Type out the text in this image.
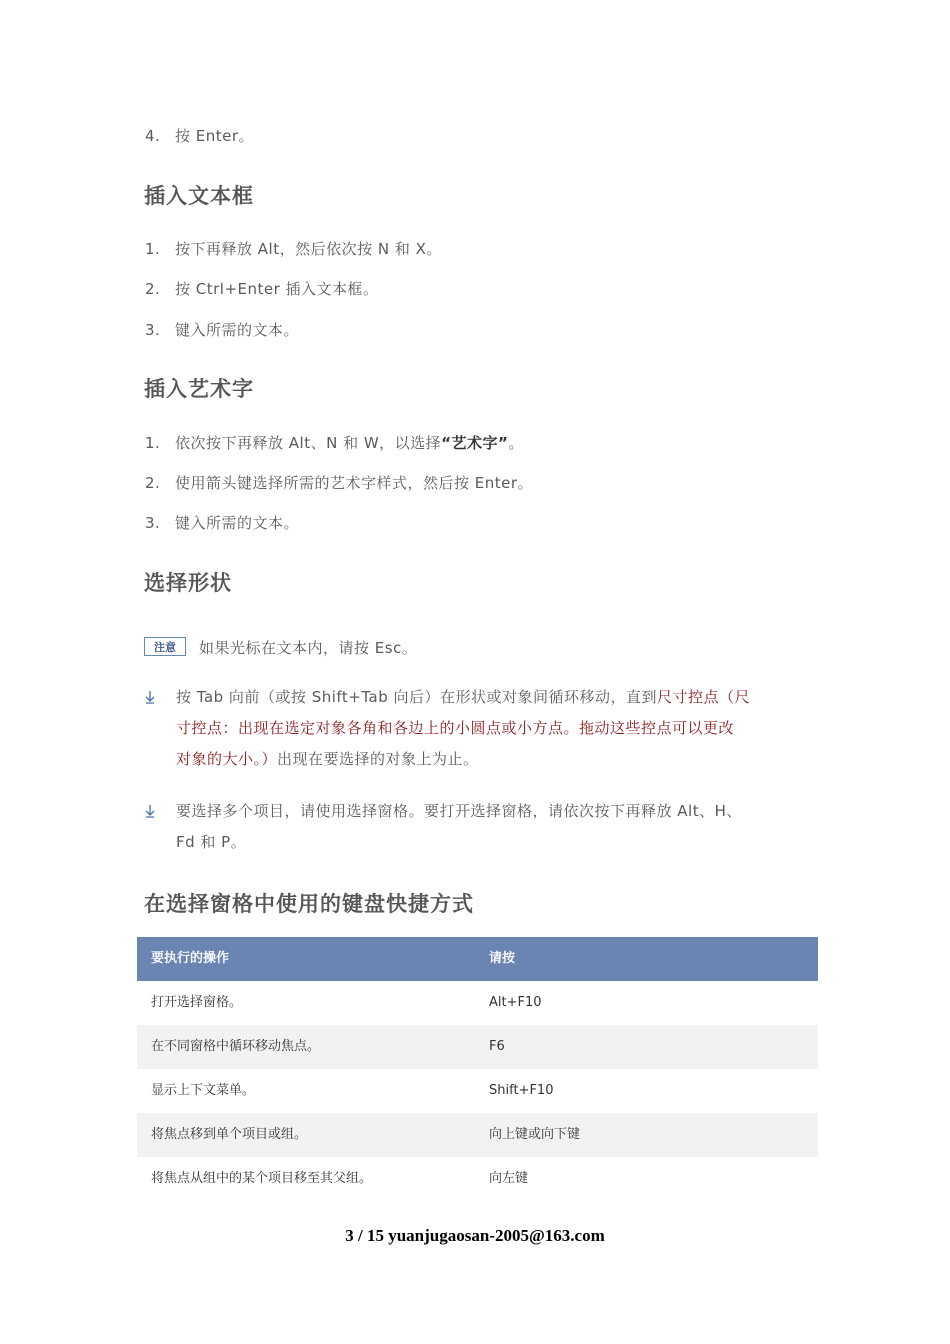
4. 按 Enter。
插入文本框
1. 按下再释放 Alt，然后依次按 N 和 X。
2. 按 Ctrl+Enter 插入文本框。
3. 键入所需的文本。
插入艺术字
1. 依次按下再释放 Alt、N 和 W，以选择“艺术字”。
2. 使用箭头键选择所需的艺术字样式，然后按 Enter。
3. 键入所需的文本。
选择形状
注意	如果光标在文本内，请按 Esc。
按 Tab 向前（或按 Shift+Tab 向后）在形状或对象间循环移动，直到尺寸控点（尺
寸控点：出现在选定对象各角和各边上的小圆点或小方点。拖动这些控点可以更改
对象的大小。）出现在要选择的对象上为止。
要选择多个项目，请使用选择窗格。要打开选择窗格，请依次按下再释放 Alt、H、
Fd 和 P。
在选择窗格中使用的键盘快捷方式
要执行的操作	请按
打开选择窗格。	Alt+F10
在不同窗格中循环移动焦点。	F6
显示上下文菜单。	Shift+F10
将焦点移到单个项目或组。	向上键或向下键
将焦点从组中的某个项目移至其父组。	向左键
3 / 15 yuanjugaosan-2005@163.com
